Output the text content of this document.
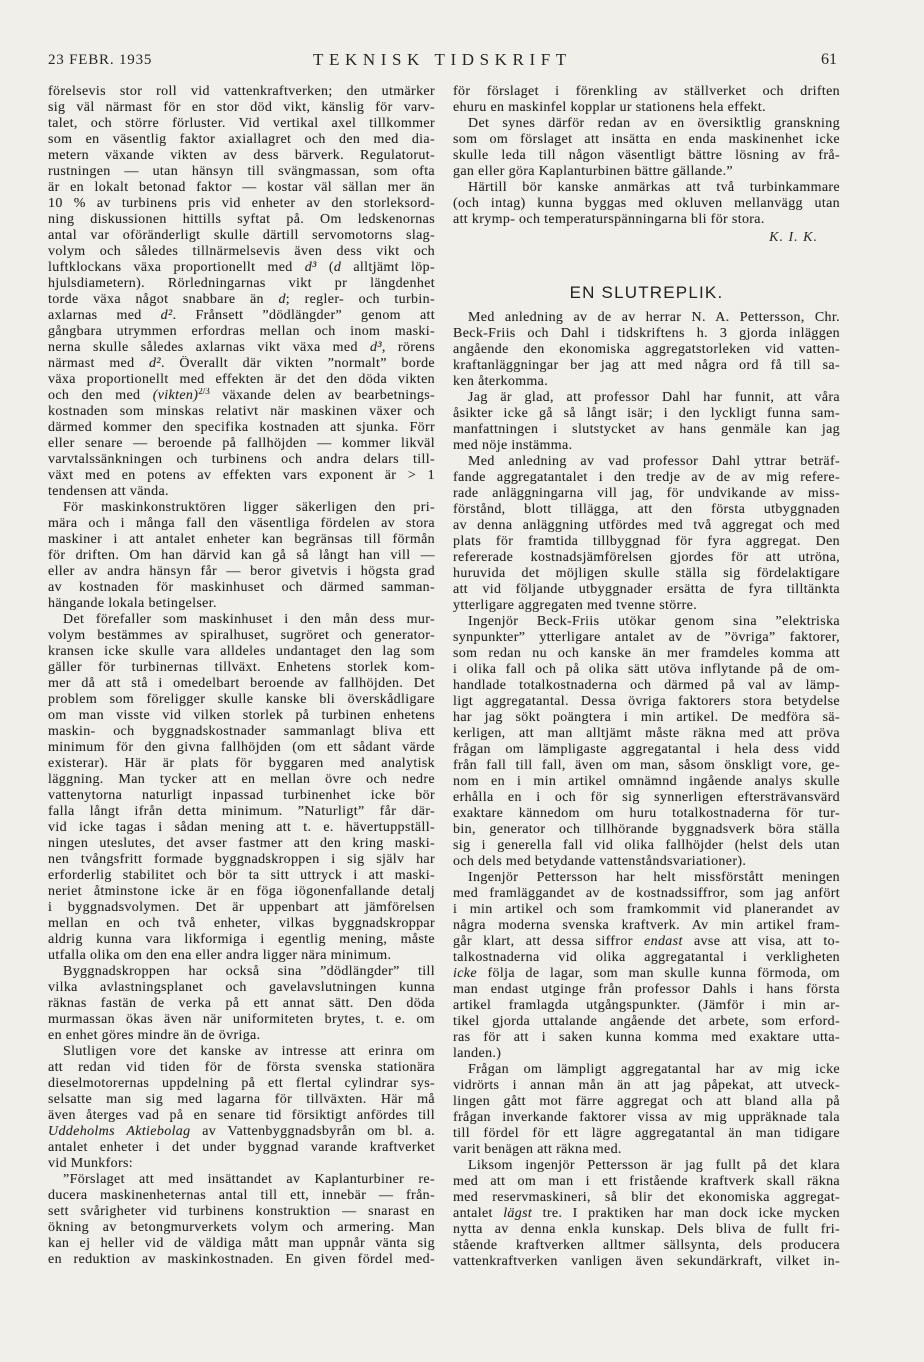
23 FEBR. 1935	TEKNISK TIDSKRIFT	61
förelsevis stor roll vid vattenkraftverken; den utmärker
sig väl närmast för en stor död vikt, känslig för varv-
talet, och större förluster. Vid vertikal axel tillkommer
som en väsentlig faktor axiallagret och den med dia-
metern växande vikten av dess bärverk. Regulatorut-
rustningen — utan hänsyn till svängmassan, som ofta
är en lokalt betonad faktor — kostar väl sällan mer än
10 % av turbinens pris vid enheter av den storleksord-
ning diskussionen hittills syftat på. Om ledskenornas
antal var oföränderligt skulle därtill servomotorns slag-
volym och således tillnärmelsevis även dess vikt och
luftklockans växa proportionellt med d³ (d alltjämt löp-
hjulsdiametern). Rörledningarnas vikt pr längdenhet
torde växa något snabbare än d; regler- och turbin-
axlarnas med d². Frånsett ”dödlängder” genom att
gångbara utrymmen erfordras mellan och inom maski-
nerna skulle således axlarnas vikt växa med d³, rörens
närmast med d². Överallt där vikten ”normalt” borde
växa proportionellt med effekten är det den döda vikten
och den med (vikten)$^{2/3}$ växande delen av bearbetnings-
kostnaden som minskas relativt när maskinen växer och
därmed kommer den specifika kostnaden att sjunka. Förr
eller senare — beroende på fallhöjden — kommer likväl
varvtalssänkningen och turbinens och andra delars till-
växt med en potens av effekten vars exponent är > 1
tendensen att vända.
För maskinkonstruktören ligger säkerligen den pri-
mära och i många fall den väsentliga fördelen av stora
maskiner i att antalet enheter kan begränsas till förmån
för driften. Om han därvid kan gå så långt han vill —
eller av andra hänsyn får — beror givetvis i högsta grad
av kostnaden för maskinhuset och därmed samman-
hängande lokala betingelser.
Det förefaller som maskinhuset i den mån dess mur-
volym bestämmes av spiralhuset, sugröret och generator-
kransen icke skulle vara alldeles undantaget den lag som
gäller för turbinernas tillväxt. Enhetens storlek kom-
mer då att stå i omedelbart beroende av fallhöjden. Det
problem som föreligger skulle kanske bli överskådligare
om man visste vid vilken storlek på turbinen enhetens
maskin- och byggnadskostnader sammanlagt bliva ett
minimum för den givna fallhöjden (om ett sådant värde
existerar). Här är plats för byggaren med analytisk
läggning. Man tycker att en mellan övre och nedre
vattenytorna naturligt inpassad turbinenhet icke bör
falla långt ifrån detta minimum. ”Naturligt” får där-
vid icke tagas i sådan mening att t. e. hävertuppställ-
ningen uteslutes, det avser fastmer att den kring maski-
nen tvångsfritt formade byggnadskroppen i sig själv har
erforderlig stabilitet och bör ta sitt uttryck i att maski-
neriet åtminstone icke är en föga iögonenfallande detalj
i byggnadsvolymen. Det är uppenbart att jämförelsen
mellan en och två enheter, vilkas byggnadskroppar
aldrig kunna vara likformiga i egentlig mening, måste
utfalla olika om den ena eller andra ligger nära minimum.
Byggnadskroppen har också sina ”dödlängder” till
vilka avlastningsplanet och gavelavslutningen kunna
räknas fastän de verka på ett annat sätt. Den döda
murmassan ökas även när uniformiteten brytes, t. e. om
en enhet göres mindre än de övriga.
Slutligen vore det kanske av intresse att erinra om
att redan vid tiden för de första svenska stationära
dieselmotorernas uppdelning på ett flertal cylindrar sys-
selsatte man sig med lagarna för tillväxten. Här må
även återges vad på en senare tid försiktigt anfördes till
Uddeholms Aktiebolag av Vattenbyggnadsbyrån om bl. a.
antalet enheter i det under byggnad varande kraftverket
vid Munkfors:
”Förslaget att med insättandet av Kaplanturbiner re-
ducera maskinenheternas antal till ett, innebär — från-
sett svårigheter vid turbinens konstruktion — snarast en
ökning av betongmurverkets volym och armering. Man
kan ej heller vid de väldiga mått man uppnår vänta sig
en reduktion av maskinkostnaden. En given fördel med-
för förslaget i förenkling av ställverket och driften
ehuru en maskinfel kopplar ur stationens hela effekt.
Det synes därför redan av en översiktlig granskning
som om förslaget att insätta en enda maskinenhet icke
skulle leda till någon väsentligt bättre lösning av frå-
gan eller göra Kaplanturbinen bättre gällande.”
Härtill bör kanske anmärkas att två turbinkammare
(och intag) kunna byggas med okluven mellanvägg utan
att krymp- och temperaturspänningarna bli för stora.
K. I. K.
EN SLUTREPLIK.
Med anledning av de av herrar N. A. Pettersson, Chr.
Beck-Friis och Dahl i tidskriftens h. 3 gjorda inläggen
angående den ekonomiska aggregatstorleken vid vatten-
kraftanläggningar ber jag att med några ord få till sa-
ken återkomma.
Jag är glad, att professor Dahl har funnit, att våra
åsikter icke gå så långt isär; i den lyckligt funna sam-
manfattningen i slutstycket av hans genmäle kan jag
med nöje instämma.
Med anledning av vad professor Dahl yttrar beträf-
fande aggregatantalet i den tredje av de av mig refere-
rade anläggningarna vill jag, för undvikande av miss-
förstånd, blott tillägga, att den första utbyggnaden
av denna anläggning utfördes med två aggregat och med
plats för framtida tillbyggnad för fyra aggregat. Den
refererade kostnadsjämförelsen gjordes för att utröna,
huruvida det möjligen skulle ställa sig fördelaktigare
att vid följande utbyggnader ersätta de fyra tilltänkta
ytterligare aggregaten med tvenne större.
Ingenjör Beck-Friis utökar genom sina ”elektriska
synpunkter” ytterligare antalet av de ”övriga” faktorer,
som redan nu och kanske än mer framdeles komma att
i olika fall och på olika sätt utöva inflytande på de om-
handlade totalkostnaderna och därmed på val av lämp-
ligt aggregatantal. Dessa övriga faktorers stora betydelse
har jag sökt poängtera i min artikel. De medföra sä-
kerligen, att man alltjämt måste räkna med att pröva
frågan om lämpligaste aggregatantal i hela dess vidd
från fall till fall, även om man, såsom önskligt vore, ge-
nom en i min artikel omnämnd ingående analys skulle
erhålla en i och för sig synnerligen eftersträvansvärd
exaktare kännedom om huru totalkostnaderna för tur-
bin, generator och tillhörande byggnadsverk böra ställa
sig i generella fall vid olika fallhöjder (helst dels utan
och dels med betydande vattenståndsvariationer).
Ingenjör Pettersson har helt missförstått meningen
med framläggandet av de kostnadssiffror, som jag anfört
i min artikel och som framkommit vid planerandet av
några moderna svenska kraftverk. Av min artikel fram-
går klart, att dessa siffror endast avse att visa, att to-
talkostnaderna vid olika aggregatantal i verkligheten
icke följa de lagar, som man skulle kunna förmoda, om
man endast utginge från professor Dahls i hans första
artikel framlagda utgångspunkter. (Jämför i min ar-
tikel gjorda uttalande angående det arbete, som erford-
ras för att i saken kunna komma med exaktare utta-
landen.)
Frågan om lämpligt aggregatantal har av mig icke
vidrörts i annan mån än att jag påpekat, att utveck-
lingen gått mot färre aggregat och att bland alla på
frågan inverkande faktorer vissa av mig uppräknade tala
till fördel för ett lägre aggregatantal än man tidigare
varit benägen att räkna med.
Liksom ingenjör Pettersson är jag fullt på det klara
med att om man i ett fristående kraftverk skall räkna
med reservmaskineri, så blir det ekonomiska aggregat-
antalet lägst tre. I praktiken har man dock icke mycken
nytta av denna enkla kunskap. Dels bliva de fullt fri-
stående kraftverken alltmer sällsynta, dels producera
vattenkraftverken vanligen även sekundärkraft, vilket in-
